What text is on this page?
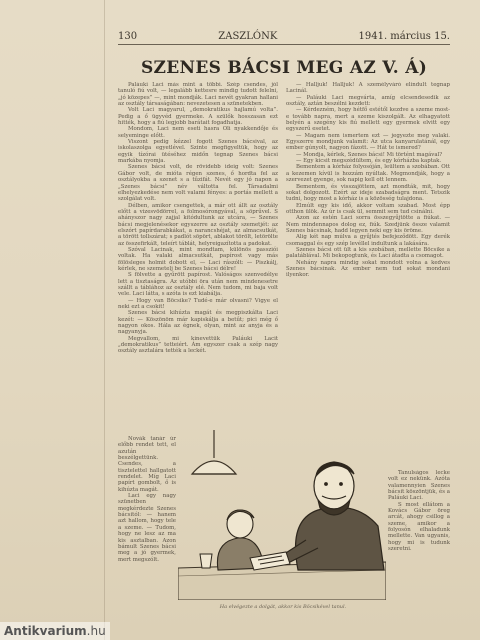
130	ZASZLÓNK	1941. március 15.
SZENES BÁCSI MEG AZ V. Á)

Paláuki Laci más mint a többi. Szép csendes, jól tanuló fiú volt, — legalább kettesre mindig tudott felelni, „jó közepes” —, mint mondják. Laci nevét gyakran hallani az osztály társaságában: nevezetesen a szünetekben.

Volt Laci magyarul, „demokratikus hajlamú volta”. Pedig a ő ügyvéd gyermeke. A szülők hosszasan ezt hitték, hogy a fiú legjobb barátait fogadhatja.

Mondom, Laci nem eseti hasra Oli nyakkendője és selyeminge előtt.

Viszont pedig kézzel fogott Szenes bácsival, az iskolaszolga egyetlével. Szinte megfigyeltük, hogy az egyik tízórai ütéséhez midőn tegnap Szenes bácsi markába nyomja.

Szenes bácsi volt, de rövidebb ideig volt: Szenes Gábor volt, de mióta régen szenes, ő hordta fel az osztályokba a szenet s a tűzifát. Nevét egy jó napon a „Szenes bácsi” név váltotta fel. Társadalmi elhelyezkedése nem volt valami fényes: a portás mellett a szolgálat volt.

Délben, amikor csengettek, a már ott állt az osztály előtt a vizesvödörrel, a folmosórongyával, a söprűvel. S ahányszor nagy zajjal kitódultunk az utcára, — Szenes bácsi megjelenésekor egyszerre az osztály szemetjét: az elszórt papírdarabkákat, a narancshéjat, az almacsutkát, a törött tollszárat; s padlót söpört, ablakot törölt, letörölte az összefirkált, teleírt táblát, helyreigazította a padokat.

Szóval Lacinak, mint mondtam, különös passziói voltak. Ha valaki almacsutkát, papírost vagy más fölösleges holmit dobott el, — Laci rászólt: — Piszkálj, kérlek, ne szemetelj be Szenes bácsi délre!

S fölvette a gyűrött papírost. Valóságos szenvedélye lett a tisztaságra. Az utóbbi öra után nem mindenesetre szállt a táblához az osztály elé. Nem tudom, mi baja volt vele. Laci látta, s azóta is ezt kiabálja.

— Hogy van Böcsike? Tudé-e már olvasni? Vigye el neki ezt a csokit!

Szenes bácsi kihúzta magát és megpiszkálta Laci kezét: — Köszönöm már kapiskálja a betűt; pici még ő nagyon okos. Hála az égnek, olyan, mint az anyja és a nagyanyja.

Megvallom, mi kinevettük Paláuki Lacit „demokratikus” tetteiért. Ám egyszer csak a szép nagy osztály asztalára tették a leckét.

Novák tanár úr előbb rendet tett, el azután beszélgettünk. Csendes, a tisztelettel hallgatott rendelet. Míg Laci papírt gombolt, ő is kihúzta magát.

Laci egy nagy szünetben megkérdezte Szenes bácsitól: — hanem azt hallom, hogy tele a szeme. — Tudom, hogy ne lesz az ma kis asztalban. Azon bámult Szenes bácsi meg a jó gyermek, mert megszólt.

— Halljuk! Halljuk! A személyváró elindult tegnap Lacinál.

— Paláuki Laci megvárta, amíg elcsendesedik az osztály, aztán beszélni kezdett:

— Kérdezném, hogy hétfő estétől kezdve a szeme most-e tovább napra, mert a szeme kiszolgált. Az elhagyatott belyén a szegény kis fiú mellett egy gyermek elvitt egy egyszerű esetet.

— Magam nem ismertem ezt — jegyezte meg valaki. Egyszerre mondjunk valamit: Az utca kanyarulatánál, egy ember gúnyolt, nagyon fázott. — Hát te ismered?

— Mondja, kérlek, Szenes bácsi! Mi történt magával?

— Egy kicsit megszédültem, és egy kórházba kaptak.

Bementem a kórház folyosóján, leültem a szobában. Ott a kezemen kívül is hozzám nyúltak. Megmondják, hogy a szervezet gyenge, sok napig kell ott lennem.

Bementem, és visszajöttem, azt mondták, mit, hogy sokat dolgozott. Ezért az ideje szabadságra ment. Tetszik tudni, hogy most a kórház is a közösség tulajdona.

Elmúlt egy kis idő, akkor voltam szabad. Most épp otthon ülök. Az úr is csak ül, semmit sem tud csinálni.

Azon az estén Laci sorra összegyűjtötte a fiúkat. — Nem mindennapos dolog ez, fiúk. Szedjünk össze valamit Szenes bácsinak, hadd legyen neki egy kis öröme.

Alig két nap múlva a gyűjtés befejeződött. Egy derék csomaggal és egy szép levéllel indultunk a lakására.

Szenes bácsi ott ült a kis szobában, mellette Böcsike a palatáblával. Mi bekopogtunk, és Laci átadta a csomagot.

Nehány napra mindig sokat mondott volna a kedves Szenes bácsinak. Az ember nem tud sokat mondani ilyenkor.

Tanulságos lecke volt ez nekünk. Azóta valamennyien Szenes bácsit köszöntjük, és a Paláuki Laci.

S most ellátom a Kovács Gábor öreg arcát, ahogy csillog a szeme, amikor a folyosón elhaladunk mellette. Van ugyanis, hogy mi is tudunk szeretni.

Ha elvégezte a dolgát, akkor kis Böcsikével tanul.
Antikvarium.hu
